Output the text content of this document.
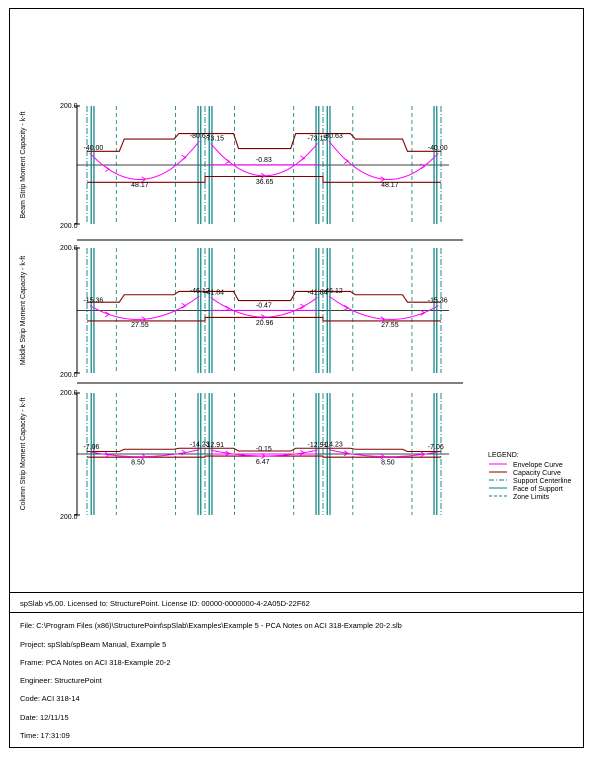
200.0
200.0
Beam Strip Moment Capacity - k-ft	-40.00
48.17
-80.63
-73.15
-0.83
36.65
-73.15
-80.63
48.17
-40.00
200.0
200.0
Middle Strip Moment Capacity - k-ft	-15.36
27.55
-46.12
-41.84
-0.47
20.96
-41.84
-46.12
27.55
-15.36
200.0
200.0
Column Strip Moment Capacity - k-ft	-7.06
8.50
-14.23
-12.91
-0.15
6.47
-12.91
-14.23
8.50
-7.06
LEGEND:
Envelope Curve
Capacity Curve
Support Centerline
Face of Support
Zone Limits
spSlab v5.00. Licensed to: StructurePoint. License ID: 00000-0000000-4-2A05D-22F62
File: C:\Program Files (x86)\StructurePoint\spSlab\Examples\Example 5 - PCA Notes on ACI 318-Example 20-2.slb
Project: spSlab/spBeam Manual, Example 5
Frame: PCA Notes on ACI 318-Example 20-2
Engineer: StructurePoint
Code: ACI 318-14
Date: 12/11/15
Time: 17:31:09
